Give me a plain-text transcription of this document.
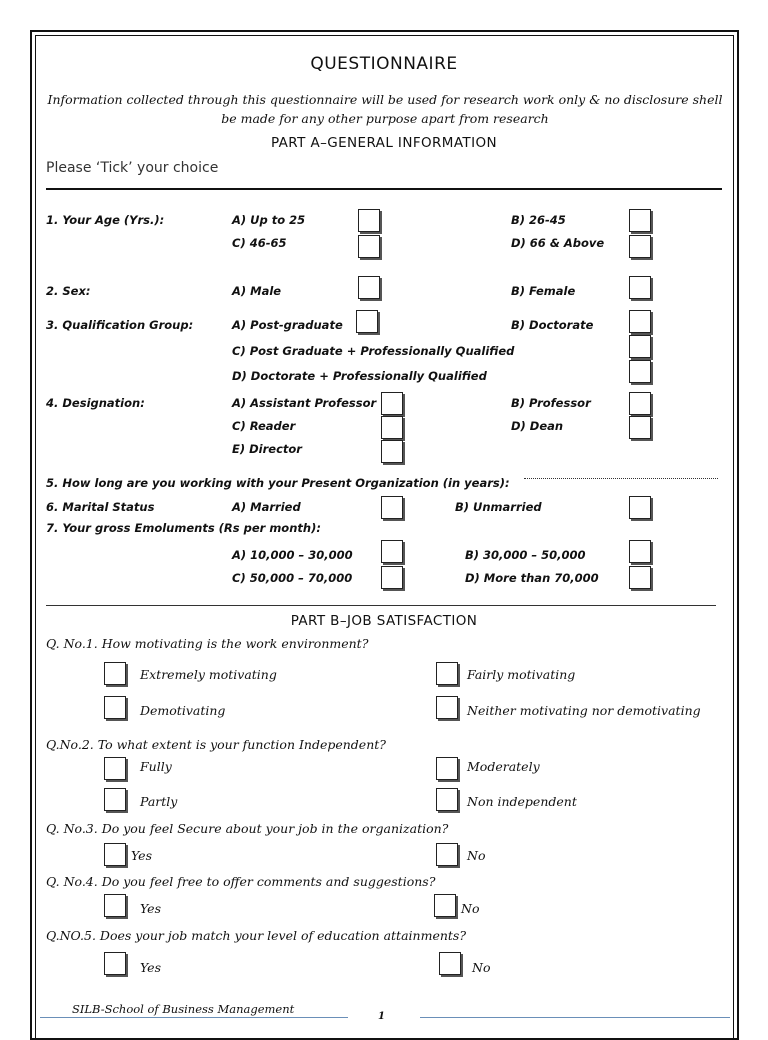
QUESTIONNAIRE
Information collected through this questionnaire will be used for research work only & no disclosure shell be made for any other purpose apart from research
PART A–GENERAL INFORMATION
Please ‘Tick’ your choice
1. Your Age (Yrs.):	A) Up to 25	B) 26-45
C) 46-65	D) 66 & Above
2. Sex:	A) Male	B) Female
3. Qualification Group:	A) Post-graduate	B) Doctorate
C) Post Graduate + Professionally Qualified
D) Doctorate + Professionally Qualified
4. Designation:	A) Assistant Professor	B) Professor
C) Reader	D) Dean
E) Director
5. How long are you working with your Present Organization (in years):
6. Marital Status	A) Married	B) Unmarried
7. Your gross Emoluments (Rs per month):
A) 10,000 – 30,000	B) 30,000 – 50,000
C) 50,000 – 70,000	D) More than 70,000
PART B–JOB SATISFACTION
Q. No.1. How motivating is the work environment?
Extremely motivating	Fairly motivating
Demotivating	Neither motivating nor demotivating
Q.No.2. To what extent is your function Independent?
Fully	Moderately
Partly	Non independent
Q. No.3. Do you feel Secure about your job in the organization?
Yes	No
Q. No.4. Do you feel free to offer comments and suggestions?
Yes	No
Q.NO.5. Does your job match your level of education attainments?
Yes	No
SILB-School of Business Management
1
